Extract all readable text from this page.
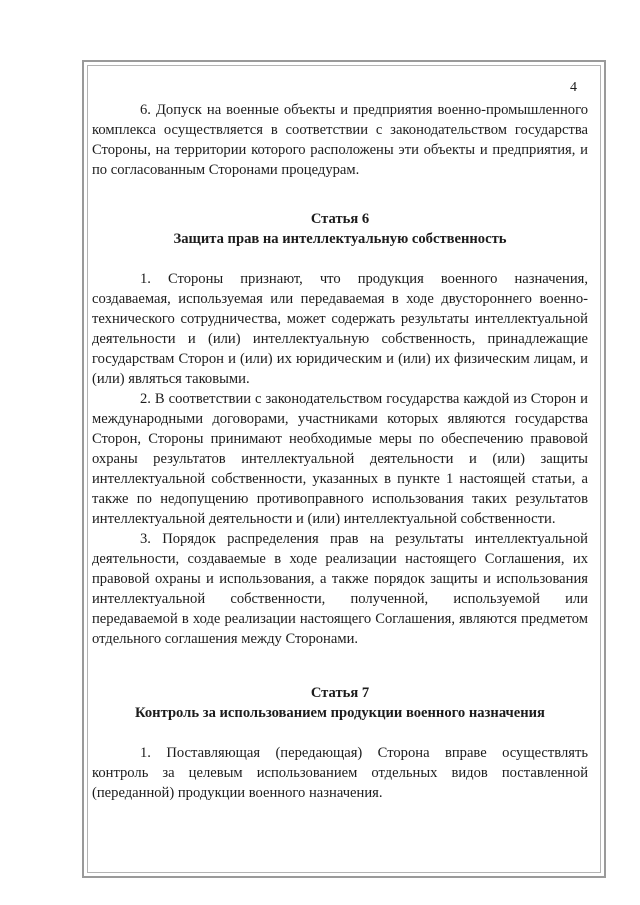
4

6. Допуск на военные объекты и предприятия военно-промышленного комплекса осуществляется в соответствии с законодательством государства Стороны, на территории которого расположены эти объекты и предприятия, и по согласованным Сторонами процедурам.

Статья 6

Защита прав на интеллектуальную собственность

1. Стороны признают, что продукция военного назначения, создаваемая, используемая или передаваемая в ходе двустороннего военно-технического сотрудничества, может содержать результаты интеллектуальной деятельности и (или) интеллектуальную собственность, принадлежащие государствам Сторон и (или) их юридическим и (или) их физическим лицам, и (или) являться таковыми.

2. В соответствии с законодательством государства каждой из Сторон и международными договорами, участниками которых являются государства Сторон, Стороны принимают необходимые меры по обеспечению правовой охраны результатов интеллектуальной деятельности и (или) защиты интеллектуальной собственности, указанных в пункте 1 настоящей статьи, а также по недопущению противоправного использования таких результатов интеллектуальной деятельности и (или) интеллектуальной собственности.

3. Порядок распределения прав на результаты интеллектуальной деятельности, создаваемые в ходе реализации настоящего Соглашения, их правовой охраны и использования, а также порядок защиты и использования интеллектуальной собственности, полученной, используемой или передаваемой в ходе реализации настоящего Соглашения, являются предметом отдельного соглашения между Сторонами.

Статья 7

Контроль за использованием продукции военного назначения

1. Поставляющая (передающая) Сторона вправе осуществлять контроль за целевым использованием отдельных видов поставленной (переданной) продукции военного назначения.
